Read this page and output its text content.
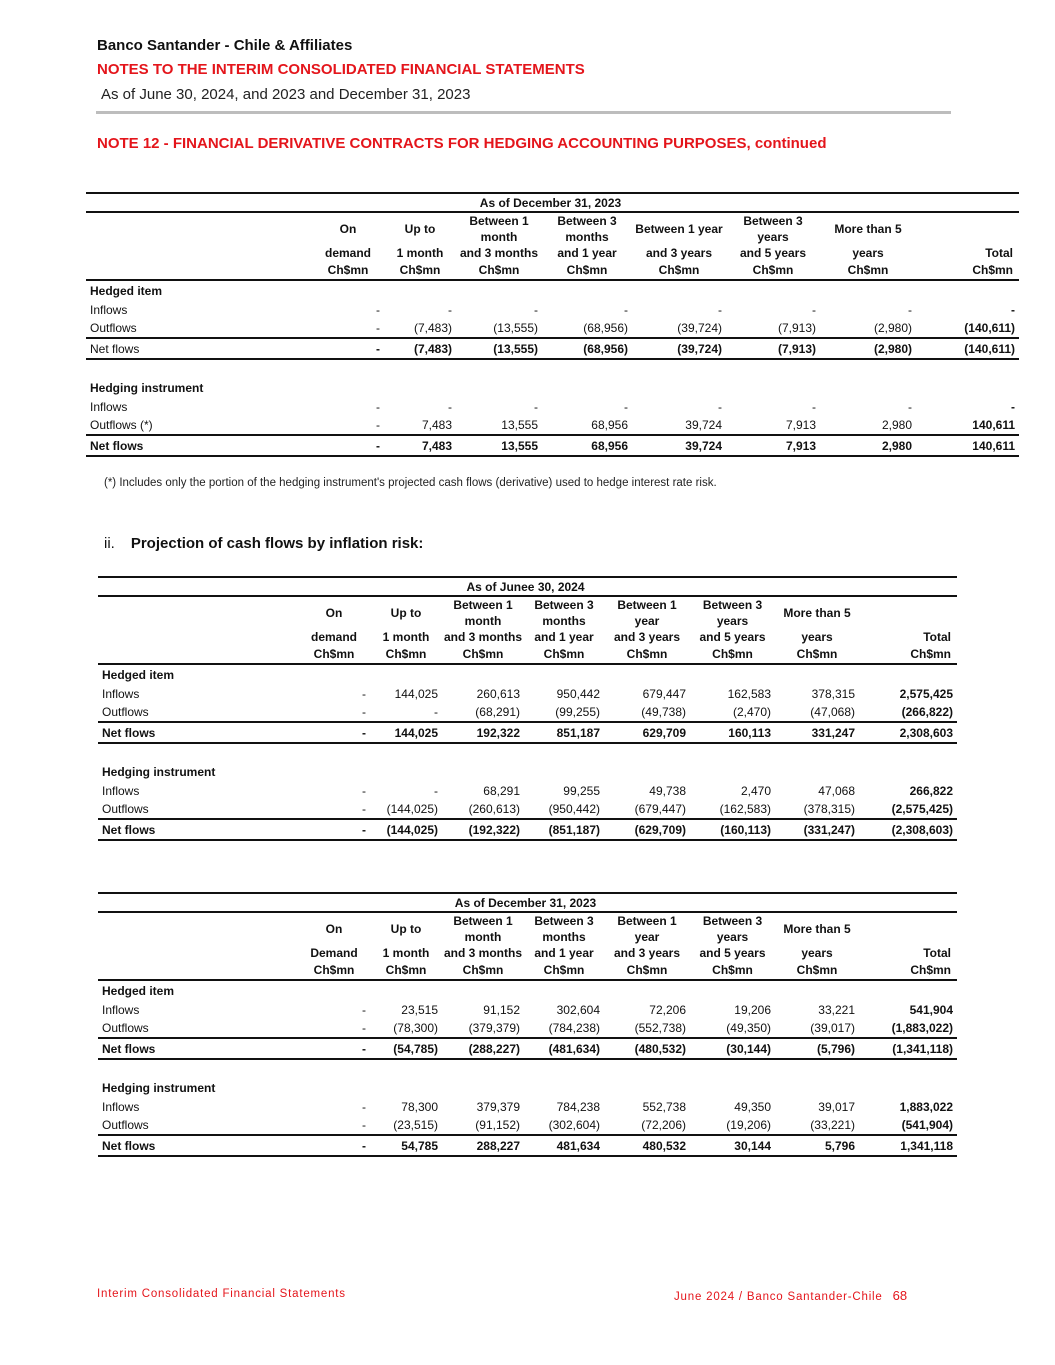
Banco Santander - Chile & Affiliates
NOTES TO THE INTERIM CONSOLIDATED FINANCIAL STATEMENTS
As of June 30, 2024, and 2023 and December 31, 2023
NOTE 12 - FINANCIAL DERIVATIVE CONTRACTS FOR HEDGING ACCOUNTING PURPOSES, continued
As of December 31, 2023								
	On	Up to	Between 1 month	Between 3 months	Between 1 year	Between 3 years	More than 5	
	demand	1 month	and 3 months	and 1 year	and 3 years	and 5 years	years	Total
	Ch$mn	Ch$mn	Ch$mn	Ch$mn	Ch$mn	Ch$mn	Ch$mn	Ch$mn
Hedged item								
Inflows	-	-	-	-	-	-	-	-
Outflows	-	(7,483)	(13,555)	(68,956)	(39,724)	(7,913)	(2,980)	(140,611)
Net flows	-	(7,483)	(13,555)	(68,956)	(39,724)	(7,913)	(2,980)	(140,611)

Hedging instrument								
Inflows	-	-	-	-	-	-	-	-
Outflows (*)	-	7,483	13,555	68,956	39,724	7,913	2,980	140,611
Net flows	-	7,483	13,555	68,956	39,724	7,913	2,980	140,611
(*) Includes only the portion of the hedging instrument's projected cash flows (derivative) used to hedge interest rate risk.
ii. Projection of cash flows by inflation risk:
As of Junee 30, 2024								
	On	Up to	Between 1 month	Between 3 months	Between 1 year	Between 3 years	More than 5	
	demand	1 month	and 3 months	and 1 year	and 3 years	and 5 years	years	Total
	Ch$mn	Ch$mn	Ch$mn	Ch$mn	Ch$mn	Ch$mn	Ch$mn	Ch$mn
Hedged item								
Inflows	-	144,025	260,613	950,442	679,447	162,583	378,315	2,575,425
Outflows	-	-	(68,291)	(99,255)	(49,738)	(2,470)	(47,068)	(266,822)
Net flows	-	144,025	192,322	851,187	629,709	160,113	331,247	2,308,603

Hedging instrument								
Inflows	-	-	68,291	99,255	49,738	2,470	47,068	266,822
Outflows	-	(144,025)	(260,613)	(950,442)	(679,447)	(162,583)	(378,315)	(2,575,425)
Net flows	-	(144,025)	(192,322)	(851,187)	(629,709)	(160,113)	(331,247)	(2,308,603)
As of December 31, 2023								
	On	Up to	Between 1 month	Between 3 months	Between 1 year	Between 3 years	More than 5	
	Demand	1 month	and 3 months	and 1 year	and 3 years	and 5 years	years	Total
	Ch$mn	Ch$mn	Ch$mn	Ch$mn	Ch$mn	Ch$mn	Ch$mn	Ch$mn
Hedged item								
Inflows	-	23,515	91,152	302,604	72,206	19,206	33,221	541,904
Outflows	-	(78,300)	(379,379)	(784,238)	(552,738)	(49,350)	(39,017)	(1,883,022)
Net flows	-	(54,785)	(288,227)	(481,634)	(480,532)	(30,144)	(5,796)	(1,341,118)

Hedging instrument								
Inflows	-	78,300	379,379	784,238	552,738	49,350	39,017	1,883,022
Outflows	-	(23,515)	(91,152)	(302,604)	(72,206)	(19,206)	(33,221)	(541,904)
Net flows	-	54,785	288,227	481,634	480,532	30,144	5,796	1,341,118
Interim Consolidated Financial Statements	June 2024 / Banco Santander-Chile 68
